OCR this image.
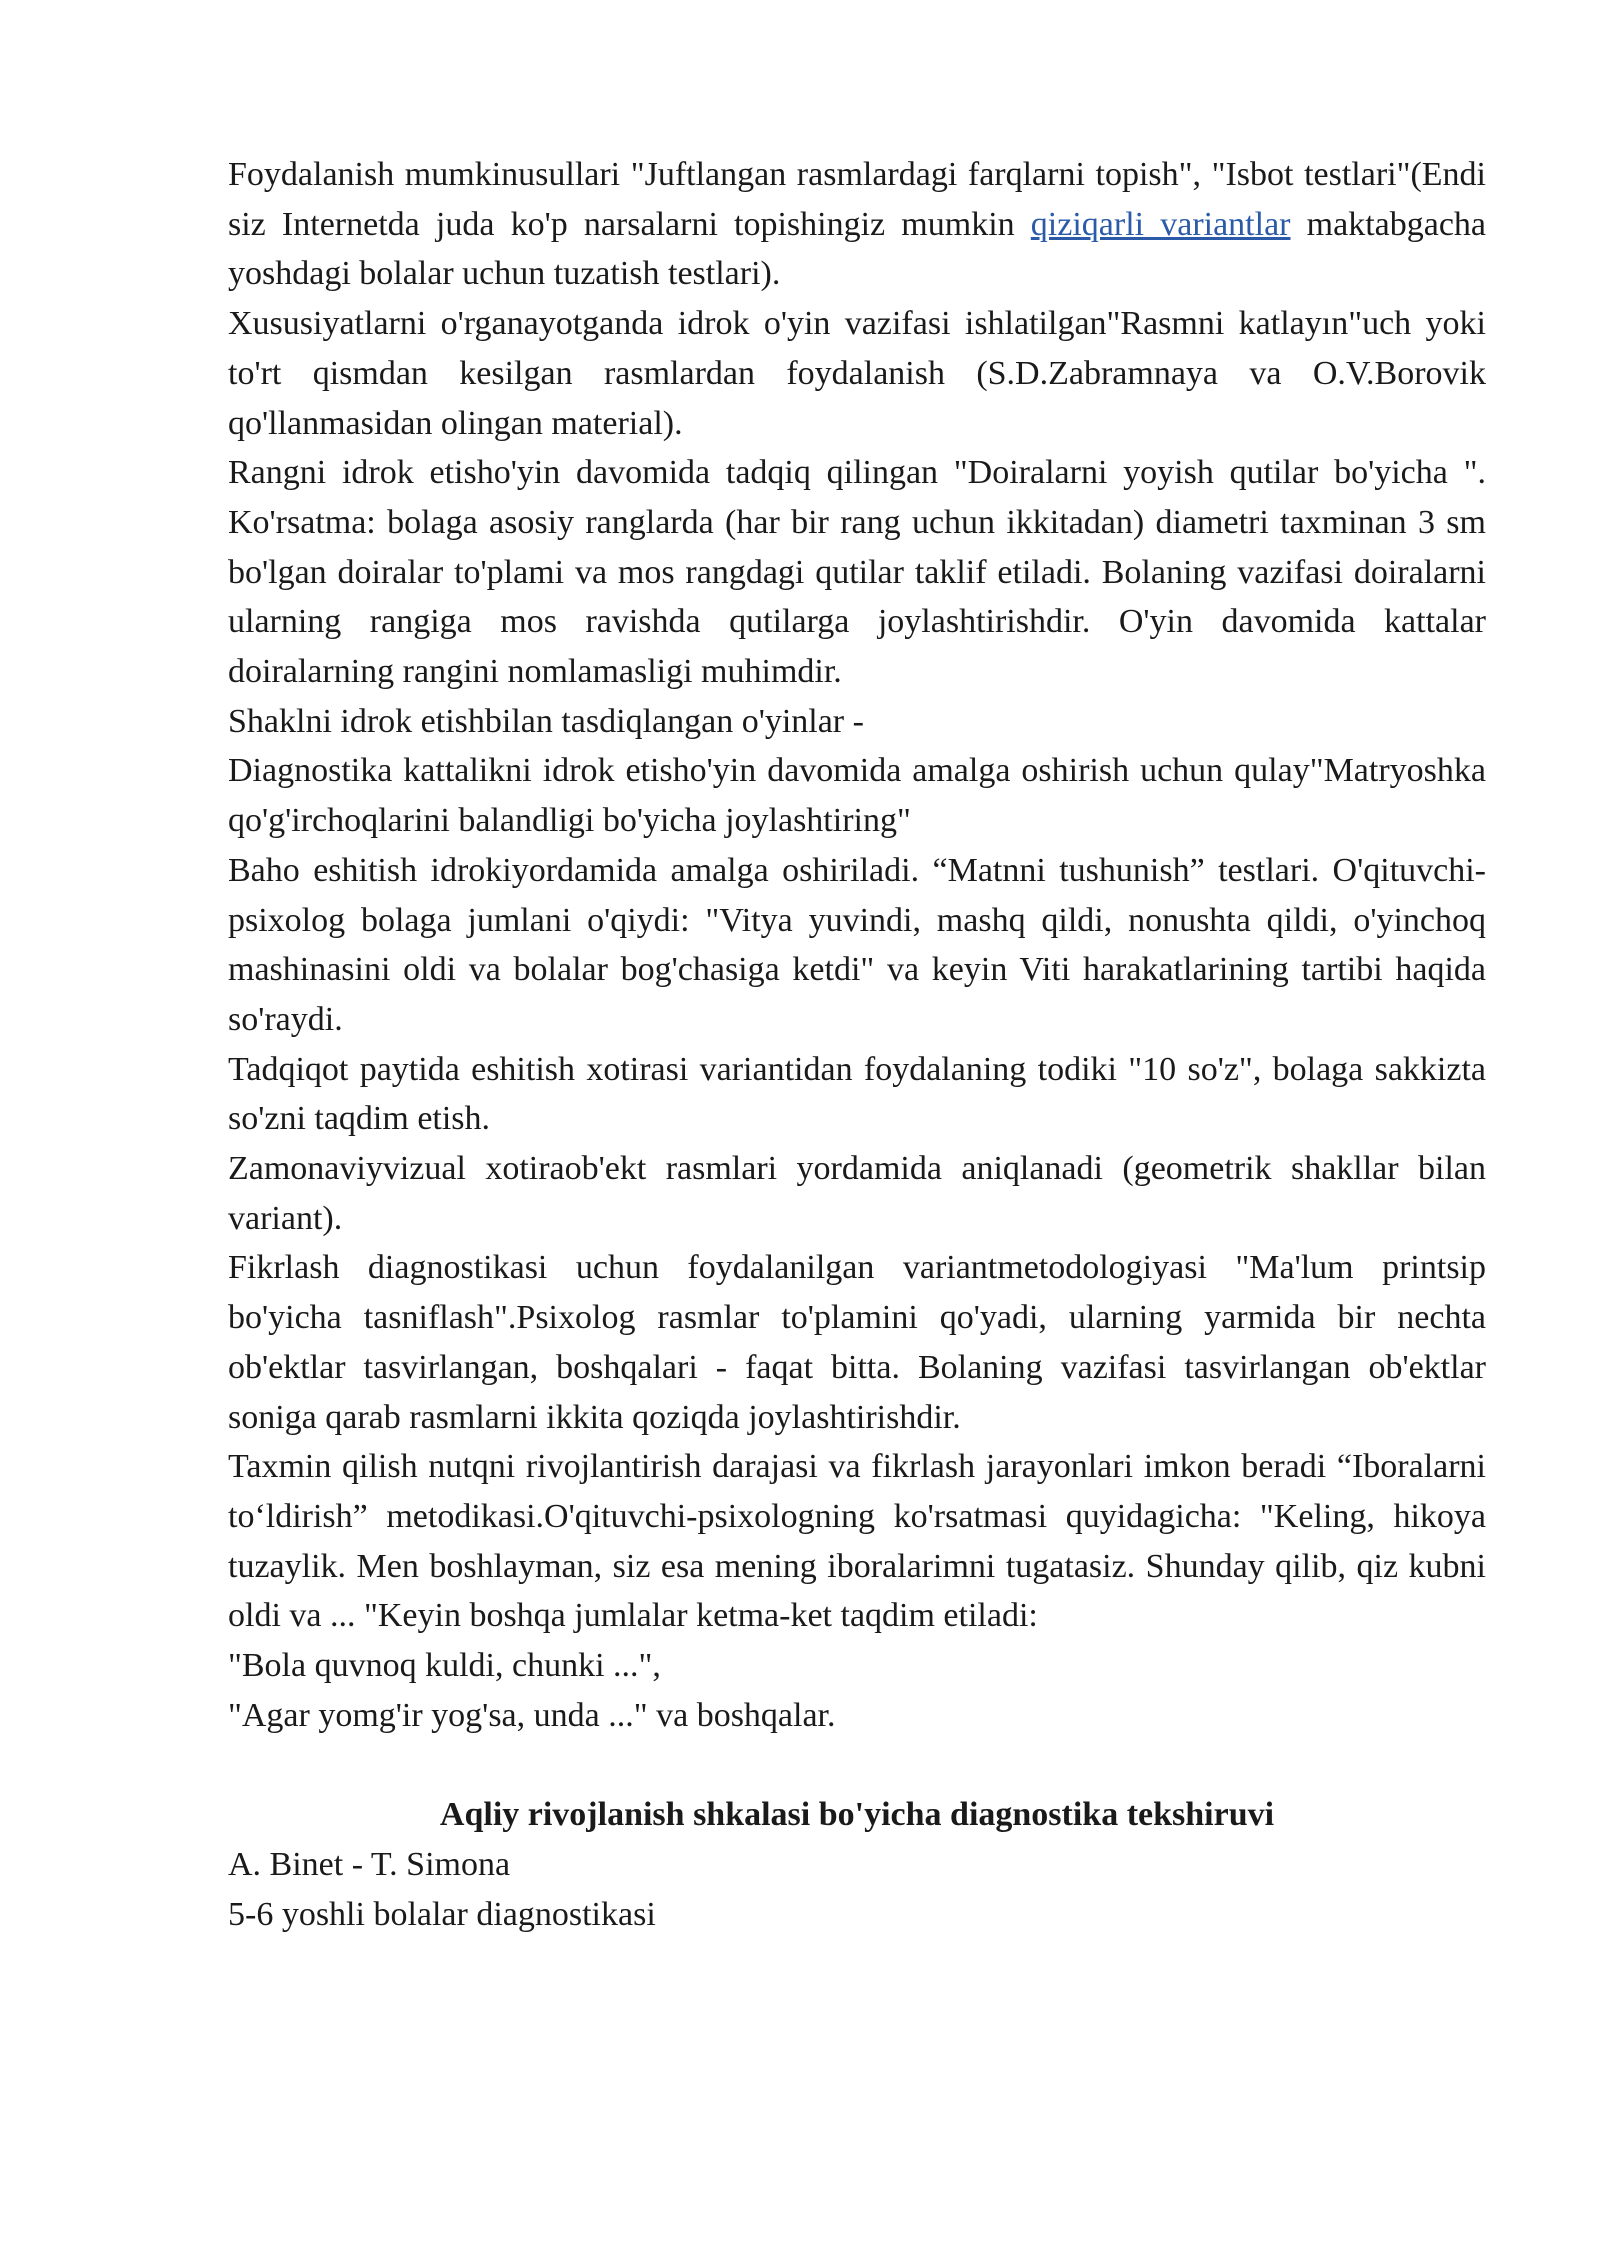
Foydalanish mumkinusullari "Juftlangan rasmlardagi farqlarni topish", "Isbot testlari"(Endi siz Internetda juda ko'p narsalarni topishingiz mumkin qiziqarli variantlar maktabgacha yoshdagi bolalar uchun tuzatish testlari).

Xususiyatlarni o'rganayotganda idrok o'yin vazifasi ishlatilgan"Rasmni katlayın"uch yoki to'rt qismdan kesilgan rasmlardan foydalanish (S.D.Zabramnaya va O.V.Borovik qo'llanmasidan olingan material).

Rangni idrok etisho'yin davomida tadqiq qilingan "Doiralarni yoyish qutilar bo'yicha ". Ko'rsatma: bolaga asosiy ranglarda (har bir rang uchun ikkitadan) diametri taxminan 3 sm bo'lgan doiralar to'plami va mos rangdagi qutilar taklif etiladi. Bolaning vazifasi doiralarni ularning rangiga mos ravishda qutilarga joylashtirishdir. O'yin davomida kattalar doiralarning rangini nomlamasligi muhimdir.

Shaklni idrok etishbilan tasdiqlangan o'yinlar -

Diagnostika kattalikni idrok etisho'yin davomida amalga oshirish uchun qulay"Matryoshka qo'g'irchoqlarini balandligi bo'yicha joylashtiring"

Baho eshitish idrokiyordamida amalga oshiriladi. “Matnni tushunish” testlari. O'qituvchi-psixolog bolaga jumlani o'qiydi: "Vitya yuvindi, mashq qildi, nonushta qildi, o'yinchoq mashinasini oldi va bolalar bog'chasiga ketdi" va keyin Viti harakatlarining tartibi haqida so'raydi.

Tadqiqot paytida eshitish xotirasi variantidan foydalaning todiki "10 so'z", bolaga sakkizta so'zni taqdim etish.

Zamonaviyvizual xotiraob'ekt rasmlari yordamida aniqlanadi (geometrik shakllar bilan variant).

Fikrlash diagnostikasi uchun foydalanilgan variantmetodologiyasi "Ma'lum printsip bo'yicha tasniflash".Psixolog rasmlar to'plamini qo'yadi, ularning yarmida bir nechta ob'ektlar tasvirlangan, boshqalari - faqat bitta. Bolaning vazifasi tasvirlangan ob'ektlar soniga qarab rasmlarni ikkita qoziqda joylashtirishdir.

Taxmin qilish nutqni rivojlantirish darajasi va fikrlash jarayonlari imkon beradi “Iboralarni to‘ldirish” metodikasi.O'qituvchi-psixologning ko'rsatmasi quyidagicha: "Keling, hikoya tuzaylik. Men boshlayman, siz esa mening iboralarimni tugatasiz. Shunday qilib, qiz kubni oldi va ... "Keyin boshqa jumlalar ketma-ket taqdim etiladi:

"Bola quvnoq kuldi, chunki ...",

"Agar yomg'ir yog'sa, unda ..." va boshqalar.

Aqliy rivojlanish shkalasi bo'yicha diagnostika tekshiruvi

A. Binet - T. Simona

5-6 yoshli bolalar diagnostikasi
